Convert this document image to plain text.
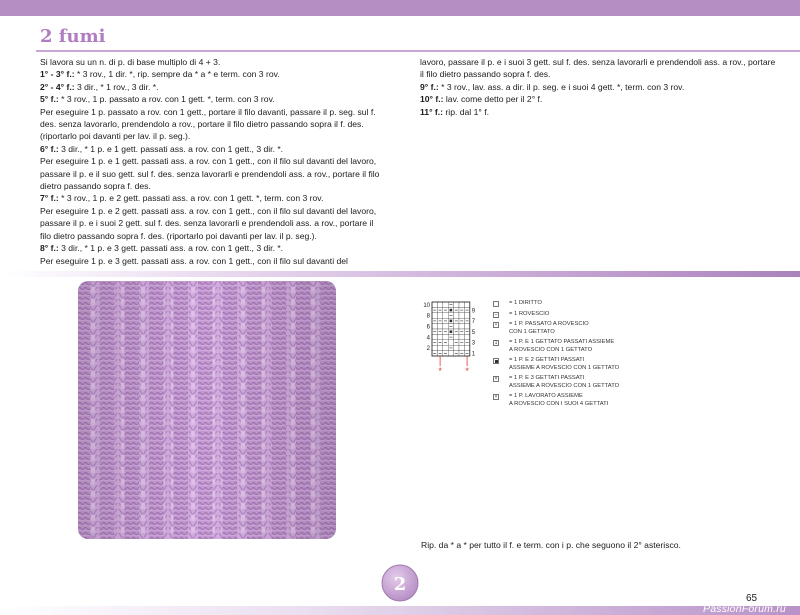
2 fumi

Si lavora su un n. di p. di base multiplo di 4 + 3.

1° - 3° f.: * 3 rov., 1 dir. *, rip. sempre da * a * e term. con 3 rov.

2° - 4° f.: 3 dir., * 1 rov., 3 dir. *.

5° f.: * 3 rov., 1 p. passato a rov. con 1 gett. *, term. con 3 rov.

Per eseguire 1 p. passato a rov. con 1 gett., portare il filo davanti, passare il p. seg. sul f. des. senza lavorarlo, prendendolo a rov., portare il filo dietro passando sopra il f. des. (riportarlo poi davanti per lav. il p. seg.).

6° f.: 3 dir., * 1 p. e 1 gett. passati ass. a rov. con 1 gett., 3 dir. *.

Per eseguire 1 p. e 1 gett. passati ass. a rov. con 1 gett., con il filo sul davanti del lavoro, passare il p. e il suo gett. sul f. des. senza lavorarli e prendendoli ass. a rov., portare il filo dietro passando sopra f. des.

7° f.: * 3 rov., 1 p. e 2 gett. passati ass. a rov. con 1 gett. *, term. con 3 rov.

Per eseguire 1 p. e 2 gett. passati ass. a rov. con 1 gett., con il filo sul davanti del lavoro, passare il p. e i suoi 2 gett. sul f. des. senza lavorarli e prendendoli ass. a rov., portare il filo dietro passando sopra f. des. (riportarlo poi davanti per lav. il p. seg.).

8° f.: 3 dir., * 1 p. e 3 gett. passati ass. a rov. con 1 gett., 3 dir. *.

Per eseguire 1 p. e 3 gett. passati ass. a rov. con 1 gett., con il filo sul davanti del

lavoro, passare il p. e i suoi 3 gett. sul f. des. senza lavorarli e prendendoli ass. a rov., portare il filo dietro passando sopra f. des.

9° f.: * 3 rov., lav. ass. a dir. il p. seg. e i suoi 4 gett. *, term. con 3 rov.

10° f.: lav. come detto per il 2° f.

11° f.: rip. dal 1° f.

10
8
6
4
2
9
7
5
3
1
*	*
= 1 DIRITTO
–
= 1 ROVESCIO
•
= 1 P. PASSATO A ROVESCIO
CON 1 GETTATO
1
= 1 P. E 1 GETTATO PASSATI ASSIEME
A ROVESCIO CON 1 GETTATO
= 1 P. E 2 GETTATI PASSATI
ASSIEME A ROVESCIO CON 1 GETTATO
×
= 1 P. E 3 GETTATI PASSATI
ASSIEME A ROVESCIO CON 1 GETTATO
×
= 1 P. LAVORATO ASSIEME
A ROVESCIO CON I SUOI 4 GETTATI
Rip. da * a * per tutto il f. e term. con i p. che seguono il 2° asterisco.
2
65
PassionForum.ru
